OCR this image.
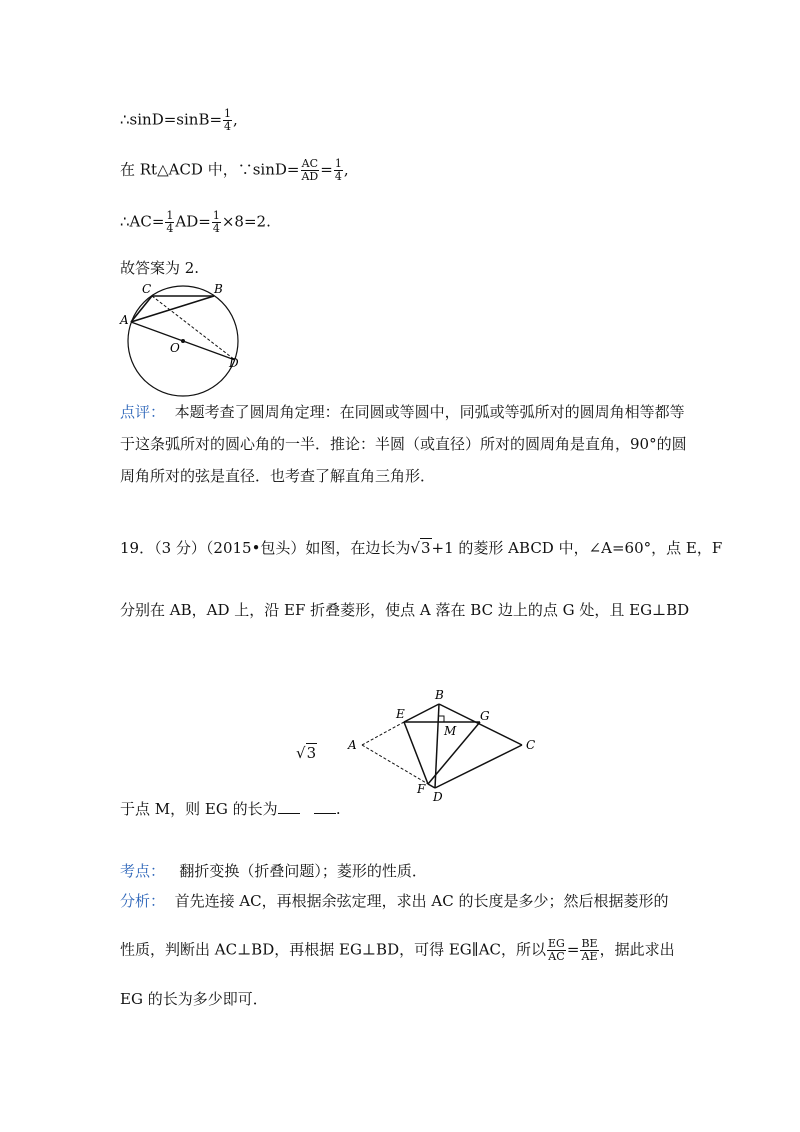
∴sinD=sinB= $\frac{1}{4}$ ,
在 Rt△ACD 中，∵sinD= $\frac{AC}{AD} = \frac{1}{4}$ ,
∴AC= $\frac{1}{4} AD= \frac{1}{4} \times 8=2$.
故答案为 2.
C	B
A
O
D
点评： 本题考查了圆周角定理：在同圆或等圆中，同弧或等弧所对的圆周角相等都等于这条弧所对的圆心角的一半．推论：半圆（或直径）所对的圆周角是直角，90°的圆周角所对的弦是直径．也考查了解直角三角形．
19．（3 分）（2015•包头）如图，在边长为√3+1 的菱形 ABCD 中，∠A=60°，点 E，F
分别在 AB，AD 上，沿 EF 折叠菱形，使点 A 落在 BC 边上的点 G 处，且 EG⊥BD
√3
B
E	G
M
A	C
F
D
于点 M，则 EG 的长为	.
考点： 翻折变换（折叠问题）；菱形的性质．
分析： 首先连接 AC，再根据余弦定理，求出 AC 的长度是多少；然后根据菱形的
性质，判断出 AC⊥BD，再根据 EG⊥BD，可得 EG∥AC，所以 $\frac{EG}{AC} = \frac{BE}{AE}$ ，据此求出
EG 的长为多少即可．
